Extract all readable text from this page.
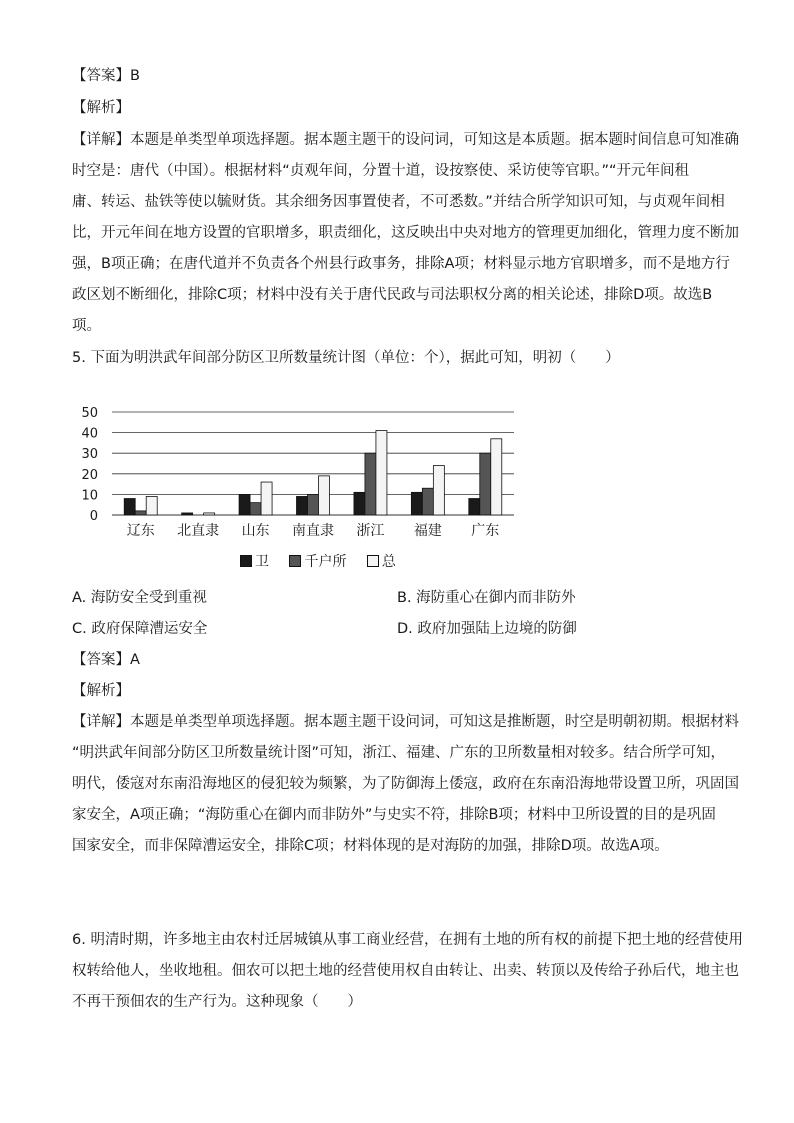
【答案】B
【解析】
【详解】本题是单类型单项选择题。据本题主题干的设问词，可知这是本质题。据本题时间信息可知准确
时空是：唐代（中国）。根据材料“贞观年间，分置十道，设按察使、采访使等官职。”“开元年间租
庸、转运、盐铁等使以毓财货。其余细务因事置使者，不可悉数。”并结合所学知识可知，与贞观年间相
比，开元年间在地方设置的官职增多，职责细化，这反映出中央对地方的管理更加细化，管理力度不断加
强，B项正确；在唐代道并不负责各个州县行政事务，排除A项；材料显示地方官职增多，而不是地方行
政区划不断细化，排除C项；材料中没有关于唐代民政与司法职权分离的相关论述，排除D项。故选B
项。
5. 下面为明洪武年间部分防区卫所数量统计图（单位：个），据此可知，明初（　　）
0
10
20
30
40
50
辽东 北直隶 山东 南直隶 浙江 福建 广东
卫	千户所	总
A. 海防安全受到重视	B. 海防重心在御内而非防外
C. 政府保障漕运安全	D. 政府加强陆上边境的防御
【答案】A
【解析】
【详解】本题是单类型单项选择题。据本题主题干设问词，可知这是推断题，时空是明朝初期。根据材料
“明洪武年间部分防区卫所数量统计图”可知，浙江、福建、广东的卫所数量相对较多。结合所学可知，
明代，倭寇对东南沿海地区的侵犯较为频繁，为了防御海上倭寇，政府在东南沿海地带设置卫所，巩固国
家安全，A项正确；“海防重心在御内而非防外”与史实不符，排除B项；材料中卫所设置的目的是巩固
国家安全，而非保障漕运安全，排除C项；材料体现的是对海防的加强，排除D项。故选A项。
6. 明清时期，许多地主由农村迁居城镇从事工商业经营，在拥有土地的所有权的前提下把土地的经营使用
权转给他人，坐收地租。佃农可以把土地的经营使用权自由转让、出卖、转顶以及传给子孙后代，地主也
不再干预佃农的生产行为。这种现象（　　）
